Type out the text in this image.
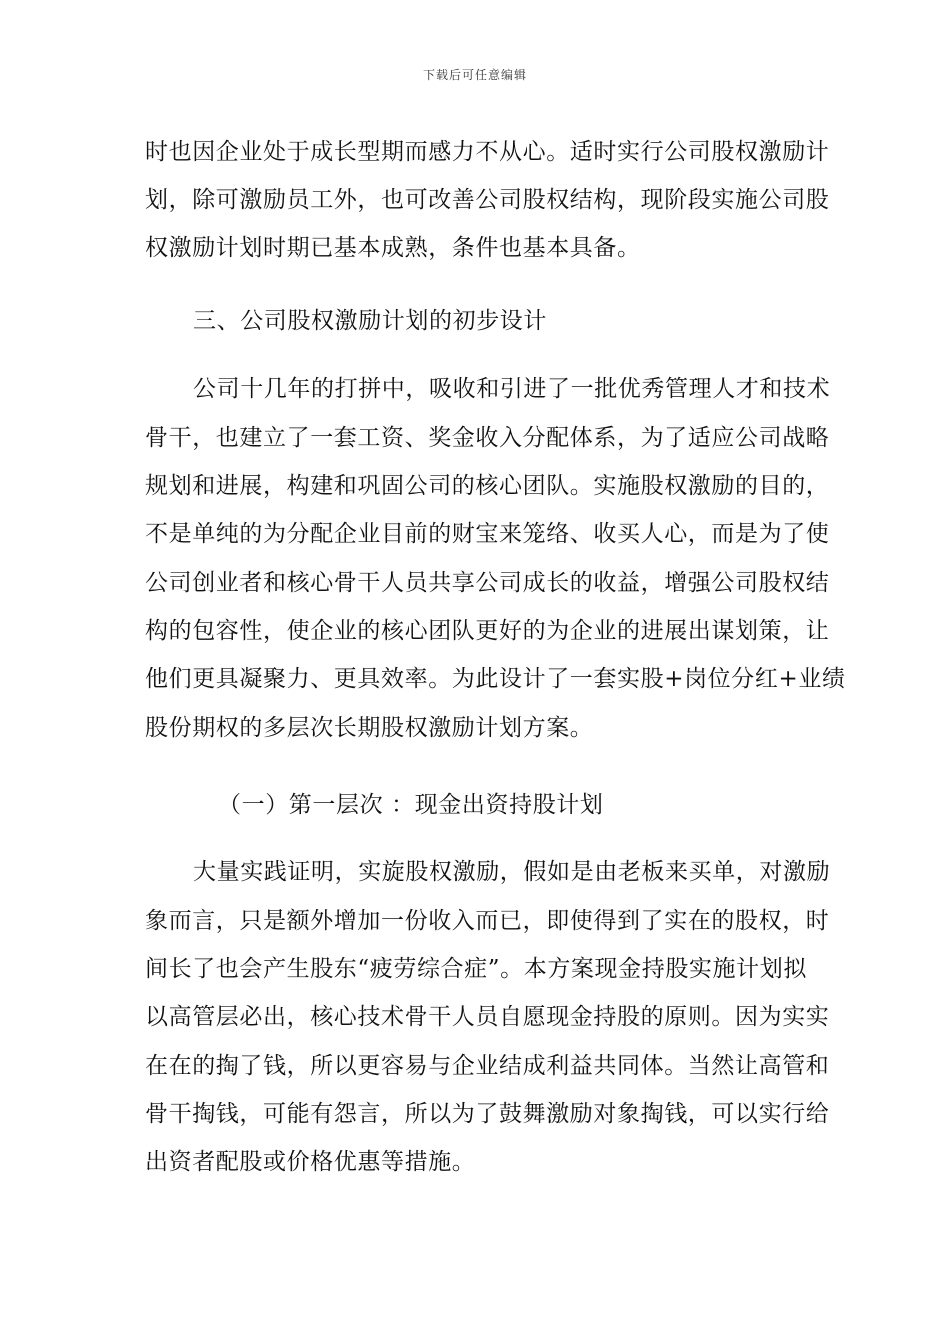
下载后可任意编辑
时也因企业处于成长型期而感力不从心。适时实行公司股权激励计
划，除可激励员工外，也可改善公司股权结构，现阶段实施公司股
权激励计划时期已基本成熟，条件也基本具备。
三、公司股权激励计划的初步设计
公司十几年的打拼中，吸收和引进了一批优秀管理人才和技术
骨干，也建立了一套工资、奖金收入分配体系，为了适应公司战略
规划和进展，构建和巩固公司的核心团队。实施股权激励的目的，
不是单纯的为分配企业目前的财宝来笼络、收买人心，而是为了使
公司创业者和核心骨干人员共享公司成长的收益，增强公司股权结
构的包容性，使企业的核心团队更好的为企业的进展出谋划策，让
他们更具凝聚力、更具效率。为此设计了一套实股+岗位分红+业绩
股份期权的多层次长期股权激励计划方案。
（一）第一层次 ：现金出资持股计划
大量实践证明，实旋股权激励，假如是由老板来买单，对激励
象而言，只是额外增加一份收入而已，即使得到了实在的股权，时
间长了也会产生股东“疲劳综合症”。本方案现金持股实施计划拟
以高管层必出，核心技术骨干人员自愿现金持股的原则。因为实实
在在的掏了钱，所以更容易与企业结成利益共同体。当然让高管和
骨干掏钱，可能有怨言，所以为了鼓舞激励对象掏钱，可以实行给
出资者配股或价格优惠等措施。
